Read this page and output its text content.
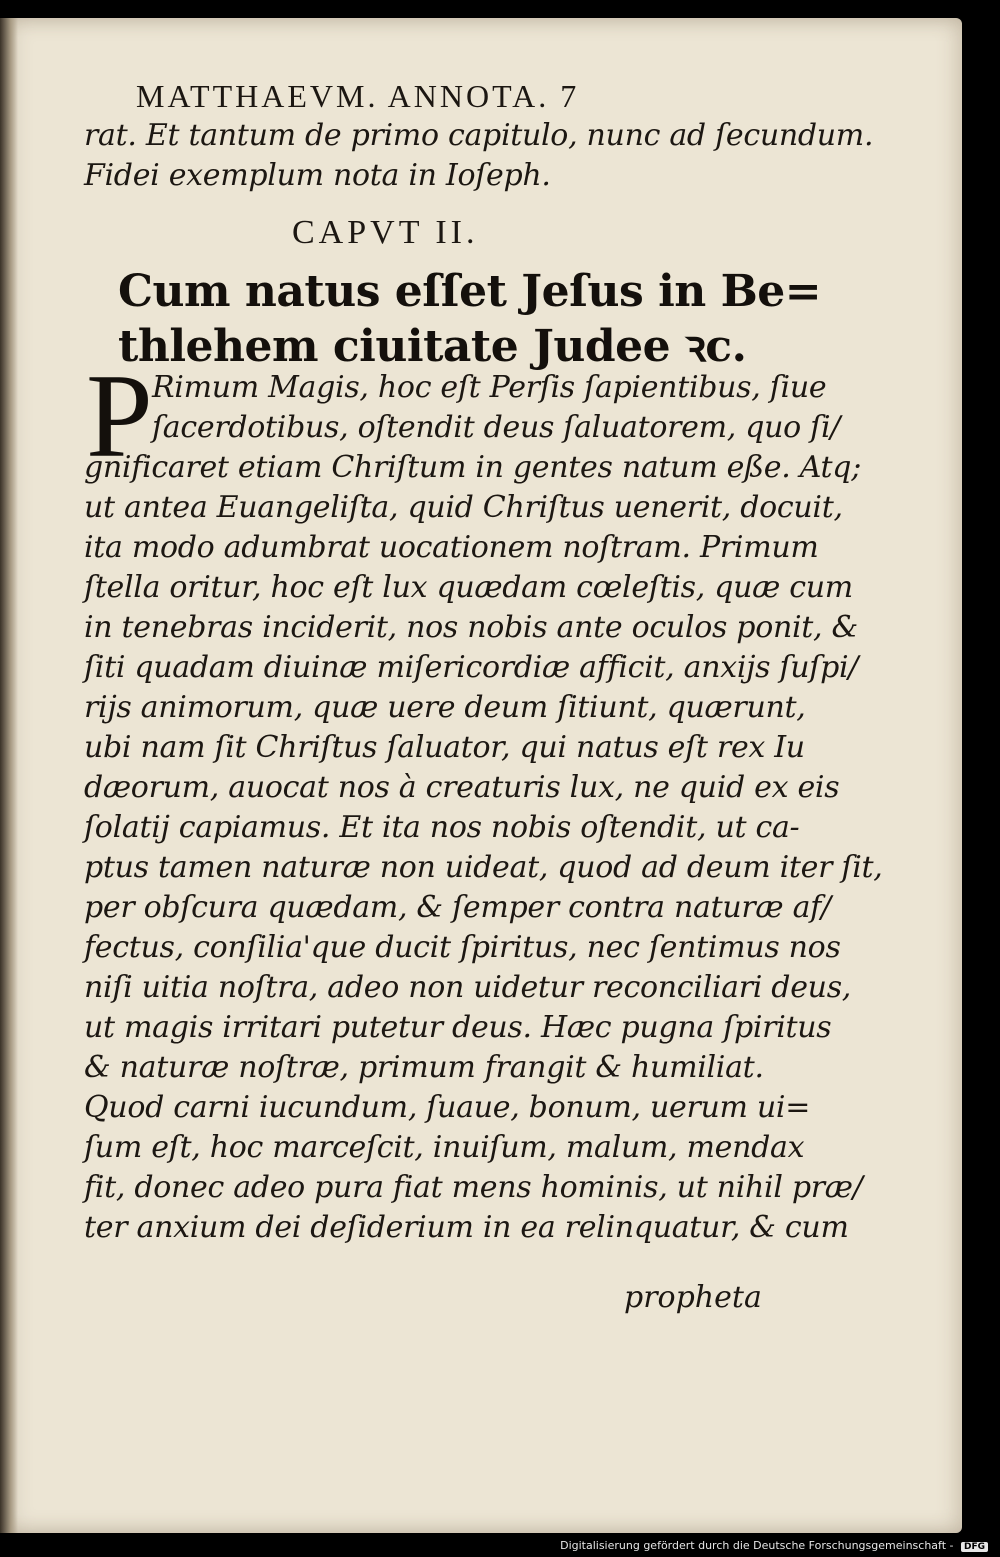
MATTHAEVM. ANNOTA. 7

rat. Et tantum de primo capitulo, nunc ad ſecundum.

Fidei exemplum nota in Ioſeph.

CAPVT II.
Cum natus eſſet Jeſus in Be=
thlehem ciuitate Judee ꝛc.
P Rimum Magis, hoc eſt Perſis ſapientibus, ſiue

ſacerdotibus, oſtendit deus ſaluatorem, quo ſi/

gnificaret etiam Chriſtum in gentes natum eße. Atq;

ut antea Euangeliſta, quid Chriſtus uenerit, docuit,

ita modo adumbrat uocationem noſtram. Primum

ſtella oritur, hoc eſt lux quædam cœleſtis, quæ cum

in tenebras inciderit, nos nobis ante oculos ponit, &

ſiti quadam diuinæ miſericordiæ afficit, anxijs ſuſpi/

rijs animorum, quæ uere deum ſitiunt, quærunt,

ubi nam ſit Chriſtus ſaluator, qui natus eſt rex Iu

dæorum, auocat nos à creaturis lux, ne quid ex eis

ſolatij capiamus. Et ita nos nobis oſtendit, ut ca-

ptus tamen naturæ non uideat, quod ad deum iter ſit,

per obſcura quædam, & ſemper contra naturæ af/

fectus, conſilia'que ducit ſpiritus, nec ſentimus nos

niſi uitia noſtra, adeo non uidetur reconciliari deus,

ut magis irritari putetur deus. Hæc pugna ſpiritus

& naturæ noſtræ, primum frangit & humiliat.

Quod carni iucundum, ſuaue, bonum, uerum ui=

ſum eſt, hoc marceſcit, inuiſum, malum, mendax

fit, donec adeo pura fiat mens hominis, ut nihil præ/

ter anxium dei deſiderium in ea relinquatur, & cum

propheta
Digitalisierung gefördert durch die Deutsche Forschungsgemeinschaft - DFG
